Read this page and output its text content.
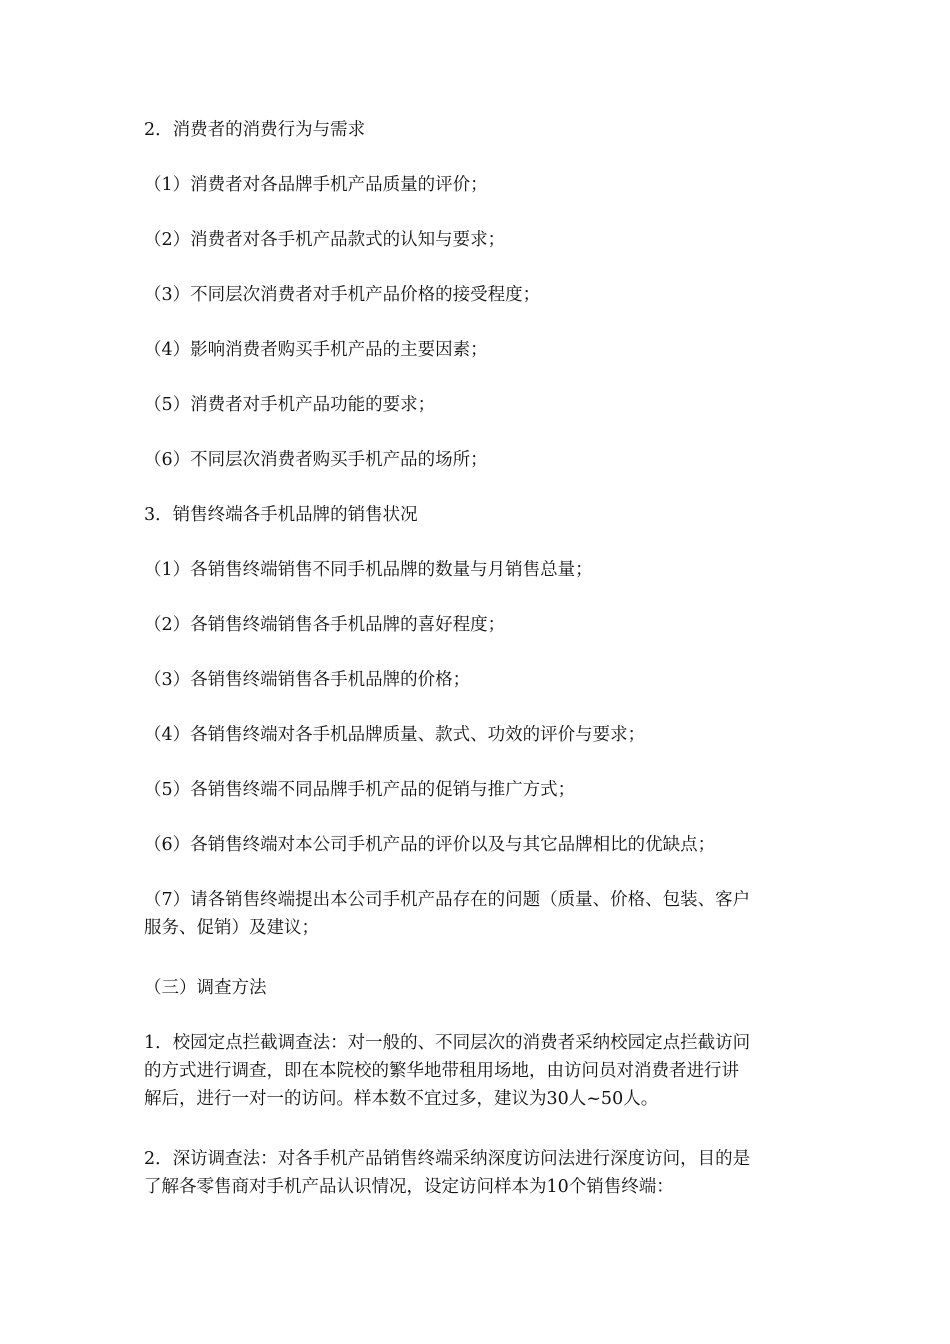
2．消费者的消费行为与需求

（1）消费者对各品牌手机产品质量的评价；

（2）消费者对各手机产品款式的认知与要求；

（3）不同层次消费者对手机产品价格的接受程度；

（4）影响消费者购买手机产品的主要因素；

（5）消费者对手机产品功能的要求；

（6）不同层次消费者购买手机产品的场所；

3．销售终端各手机品牌的销售状况

（1）各销售终端销售不同手机品牌的数量与月销售总量；

（2）各销售终端销售各手机品牌的喜好程度；

（3）各销售终端销售各手机品牌的价格；

（4）各销售终端对各手机品牌质量、款式、功效的评价与要求；

（5）各销售终端不同品牌手机产品的促销与推广方式；

（6）各销售终端对本公司手机产品的评价以及与其它品牌相比的优缺点；

（7）请各销售终端提出本公司手机产品存在的问题（质量、价格、包装、客户
服务、促销）及建议；

（三）调查方法

1．校园定点拦截调查法：对一般的、不同层次的消费者采纳校园定点拦截访问
的方式进行调查，即在本院校的繁华地带租用场地，由访问员对消费者进行讲
解后，进行一对一的访问。样本数不宜过多，建议为30人~50人。

2．深访调查法：对各手机产品销售终端采纳深度访问法进行深度访问，目的是
了解各零售商对手机产品认识情况，设定访问样本为10个销售终端：
